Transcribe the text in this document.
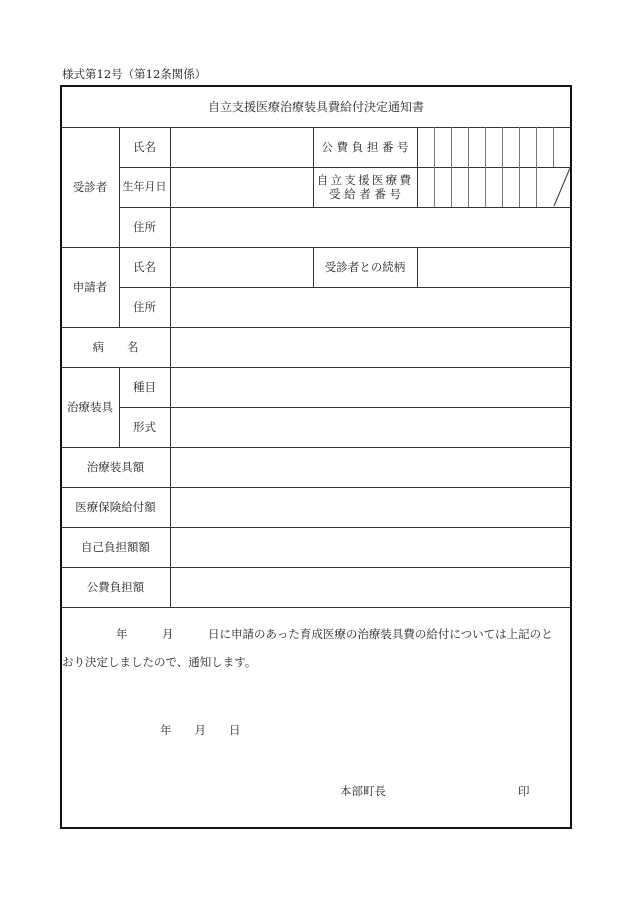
様式第12号（第12条関係）
自立支援医療治療装具費給付決定通知書
受診者
氏名
生年月日
住所
公 費 負 担 番 号
自立支援医療費
受 給 者 番 号
申請者
氏名
住所
受診者との続柄
病　　名
治療装具
種目
形式
治療装具額
医療保険給付額
自己負担額額
公費負担額
年　　　月　　　日に申請のあった育成医療の治療装具費の給付については上記のと
おり決定しましたので、通知します。
年　　月　　日
本部町長	印
